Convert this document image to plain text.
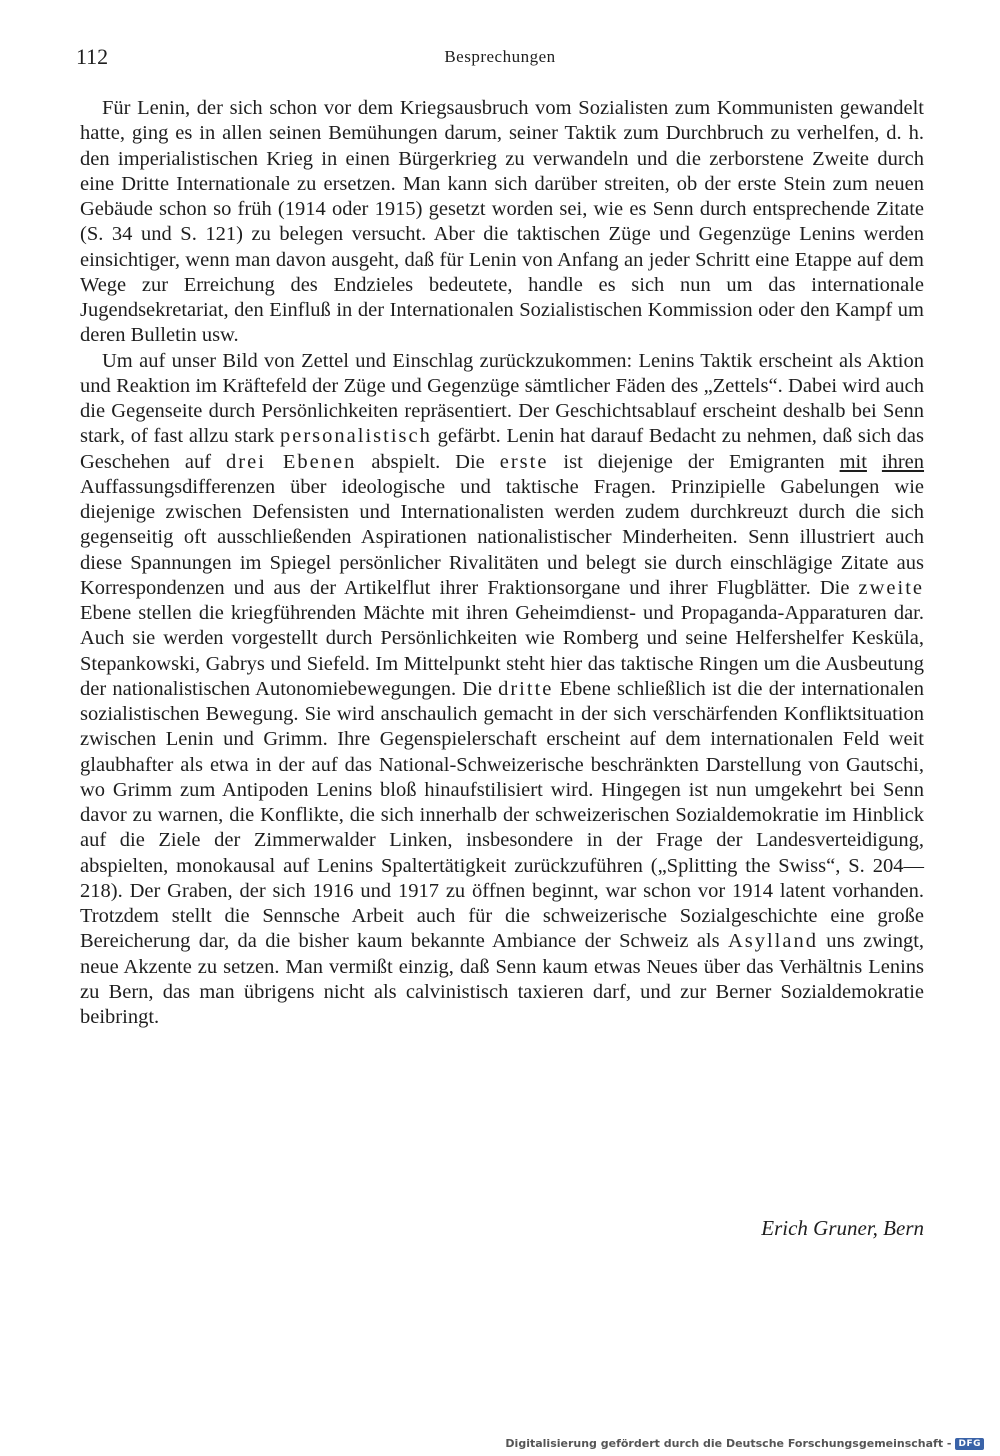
112	Besprechungen

Für Lenin, der sich schon vor dem Kriegsausbruch vom Sozialisten zum Kommunisten gewandelt hatte, ging es in allen seinen Bemühungen darum, seiner Taktik zum Durchbruch zu verhelfen, d. h. den imperialistischen Krieg in einen Bürgerkrieg zu verwandeln und die zerborstene Zweite durch eine Dritte Internationale zu ersetzen. Man kann sich darüber streiten, ob der erste Stein zum neuen Gebäude schon so früh (1914 oder 1915) gesetzt worden sei, wie es Senn durch entsprechende Zitate (S. 34 und S. 121) zu belegen versucht. Aber die taktischen Züge und Gegenzüge Lenins werden einsichtiger, wenn man davon ausgeht, daß für Lenin von Anfang an jeder Schritt eine Etappe auf dem Wege zur Erreichung des Endzieles bedeutete, handle es sich nun um das internationale Jugendsekretariat, den Einfluß in der Internationalen Sozialistischen Kommission oder den Kampf um deren Bulletin usw.

Um auf unser Bild von Zettel und Einschlag zurückzukommen: Lenins Taktik erscheint als Aktion und Reaktion im Kräftefeld der Züge und Gegenzüge sämtlicher Fäden des „Zettels“. Dabei wird auch die Gegenseite durch Persönlichkeiten repräsentiert. Der Geschichtsablauf erscheint deshalb bei Senn stark, of fast allzu stark personalistisch gefärbt. Lenin hat darauf Bedacht zu nehmen, daß sich das Geschehen auf drei Ebenen abspielt. Die erste ist diejenige der Emigranten mit ihren Auffassungsdifferenzen über ideologische und taktische Fragen. Prinzipielle Gabelungen wie diejenige zwischen Defensisten und Internationalisten werden zudem durchkreuzt durch die sich gegenseitig oft ausschließenden Aspirationen nationalistischer Minderheiten. Senn illustriert auch diese Spannungen im Spiegel persönlicher Rivalitäten und belegt sie durch einschlägige Zitate aus Korrespondenzen und aus der Artikelflut ihrer Fraktionsorgane und ihrer Flugblätter. Die zweite Ebene stellen die kriegführenden Mächte mit ihren Geheimdienst- und Propaganda-Apparaturen dar. Auch sie werden vorgestellt durch Persönlichkeiten wie Romberg und seine Helfershelfer Kesküla, Stepankowski, Gabrys und Siefeld. Im Mittelpunkt steht hier das taktische Ringen um die Ausbeutung der nationalistischen Autonomiebewegungen. Die dritte Ebene schließlich ist die der internationalen sozialistischen Bewegung. Sie wird anschaulich gemacht in der sich verschärfenden Konfliktsituation zwischen Lenin und Grimm. Ihre Gegenspielerschaft erscheint auf dem internationalen Feld weit glaubhafter als etwa in der auf das National-Schweizerische beschränkten Darstellung von Gautschi, wo Grimm zum Antipoden Lenins bloß hinaufstilisiert wird. Hingegen ist nun umgekehrt bei Senn davor zu warnen, die Konflikte, die sich innerhalb der schweizerischen Sozialdemokratie im Hinblick auf die Ziele der Zimmerwalder Linken, insbesondere in der Frage der Landesverteidigung, abspielten, monokausal auf Lenins Spaltertätigkeit zurückzuführen („Splitting the Swiss“, S. 204—218). Der Graben, der sich 1916 und 1917 zu öffnen beginnt, war schon vor 1914 latent vorhanden. Trotzdem stellt die Sennsche Arbeit auch für die schweizerische Sozialgeschichte eine große Bereicherung dar, da die bisher kaum bekannte Ambiance der Schweiz als Asylland uns zwingt, neue Akzente zu setzen. Man vermißt einzig, daß Senn kaum etwas Neues über das Verhältnis Lenins zu Bern, das man übrigens nicht als calvinistisch taxieren darf, und zur Berner Sozialdemokratie beibringt.

Erich Gruner, Bern
Digitalisierung gefördert durch die Deutsche Forschungsgemeinschaft - DFG
